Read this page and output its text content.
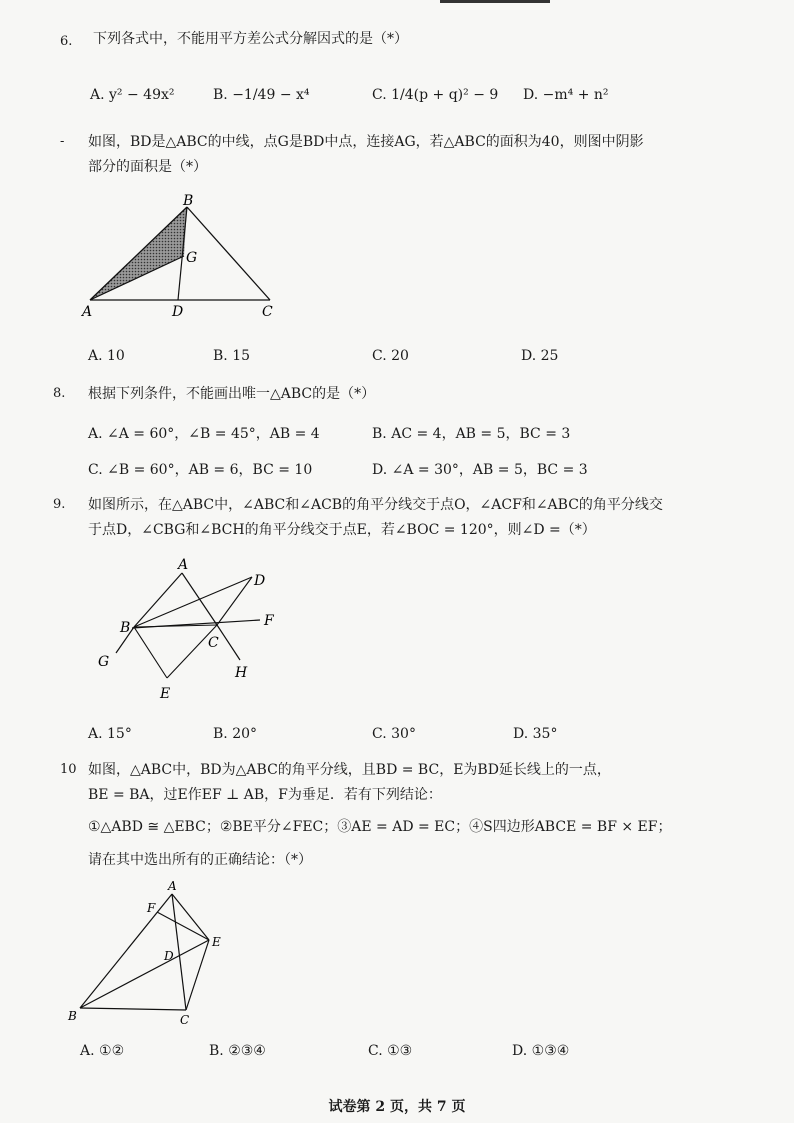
6. 下列各式中，不能用平方差公式分解因式的是（*）
A. y² − 49x²	B. −1/49 − x⁴	C. 1/4(p + q)² − 9 D. −m⁴ + n²
- 如图，BD是△ABC的中线，点G是BD中点，连接AG，若△ABC的面积为40，则图中阴影
部分的面积是（*）
B
G
A	D	C
A. 10	B. 15	C. 20	D. 25
8. 根据下列条件，不能画出唯一△ABC的是（*）
A. ∠A = 60°，∠B = 45°，AB = 4	B. AC = 4，AB = 5，BC = 3
C. ∠B = 60°，AB = 6，BC = 10	D. ∠A = 30°，AB = 5，BC = 3
9. 如图所示，在△ABC中，∠ABC和∠ACB的角平分线交于点O，∠ACF和∠ABC的角平分线交
于点D，∠CBG和∠BCH的角平分线交于点E，若∠BOC = 120°，则∠D =（*）
A
D
B	F
C
G
H
E
A. 15°	B. 20°	C. 30°	D. 35°
10 如图，△ABC中，BD为△ABC的角平分线，且BD = BC，E为BD延长线上的一点，
BE = BA，过E作EF ⊥ AB，F为垂足．若有下列结论：
①△ABD ≅ △EBC；②BE平分∠FEC；③AE = AD = EC；④S四边形ABCE = BF × EF；
请在其中选出所有的正确结论：（*）
A
F
E
D
B	C
A. ①②	B. ②③④	C. ①③	D. ①③④
试卷第 2 页，共 7 页
